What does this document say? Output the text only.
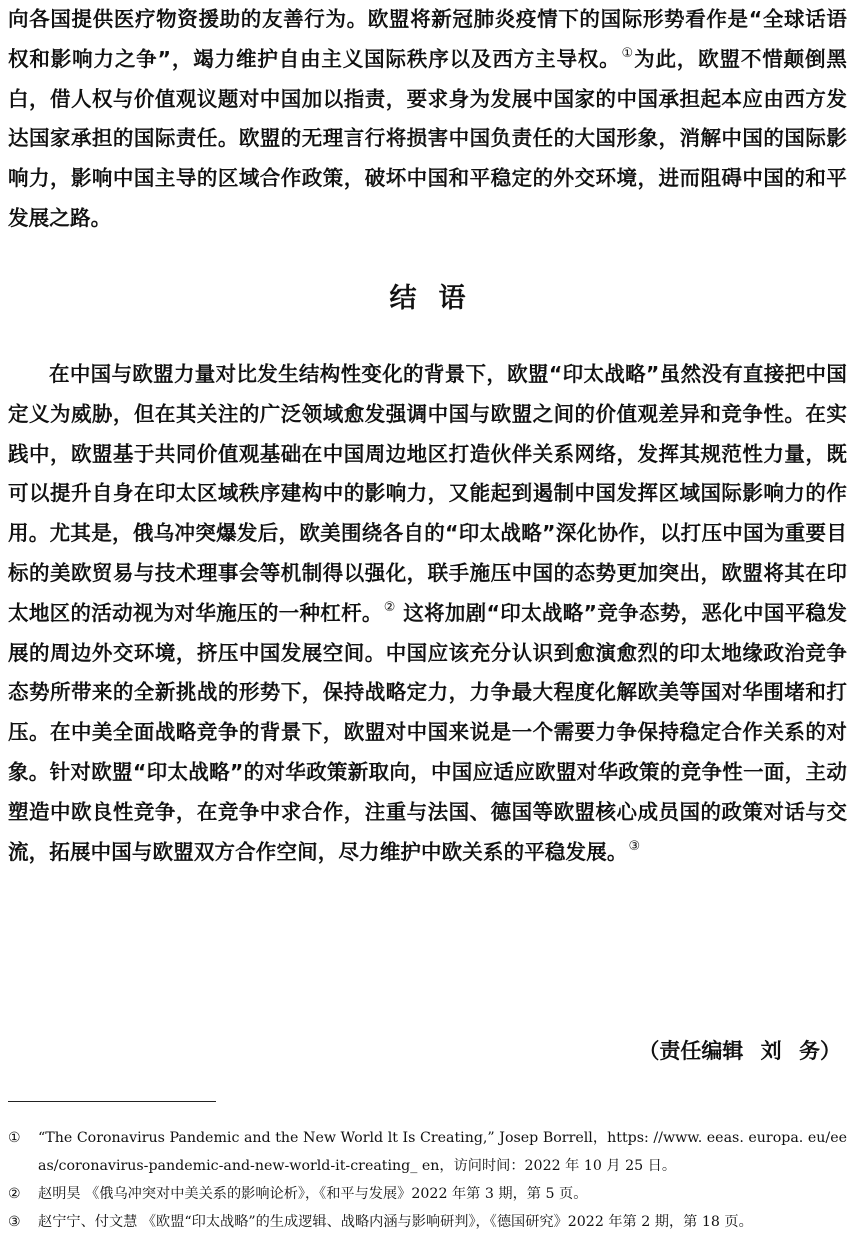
向各国提供医疗物资援助的友善行为。欧盟将新冠肺炎疫情下的国际形势看作是“全球话语权和影响力之争”，竭力维护自由主义国际秩序以及西方主导权。①为此，欧盟不惜颠倒黑白，借人权与价值观议题对中国加以指责，要求身为发展中国家的中国承担起本应由西方发达国家承担的国际责任。欧盟的无理言行将损害中国负责任的大国形象，消解中国的国际影响力，影响中国主导的区域合作政策，破坏中国和平稳定的外交环境，进而阻碍中国的和平发展之路。
结语
在中国与欧盟力量对比发生结构性变化的背景下，欧盟“印太战略”虽然没有直接把中国定义为威胁，但在其关注的广泛领域愈发强调中国与欧盟之间的价值观差异和竞争性。在实践中，欧盟基于共同价值观基础在中国周边地区打造伙伴关系网络，发挥其规范性力量，既可以提升自身在印太区域秩序建构中的影响力，又能起到遏制中国发挥区域国际影响力的作用。尤其是，俄乌冲突爆发后，欧美围绕各自的“印太战略”深化协作，以打压中国为重要目标的美欧贸易与技术理事会等机制得以强化，联手施压中国的态势更加突出，欧盟将其在印太地区的活动视为对华施压的一种杠杆。② 这将加剧“印太战略”竞争态势，恶化中国平稳发展的周边外交环境，挤压中国发展空间。中国应该充分认识到愈演愈烈的印太地缘政治竞争态势所带来的全新挑战的形势下，保持战略定力，力争最大程度化解欧美等国对华围堵和打压。在中美全面战略竞争的背景下，欧盟对中国来说是一个需要力争保持稳定合作关系的对象。针对欧盟“印太战略”的对华政策新取向，中国应适应欧盟对华政策的竞争性一面，主动塑造中欧良性竞争，在竞争中求合作，注重与法国、德国等欧盟核心成员国的政策对话与交流，拓展中国与欧盟双方合作空间，尽力维护中欧关系的平稳发展。③
（责任编辑 刘 务）
① “The Coronavirus Pandemic and the New World lt Is Creating,” Josep Borrell，https: //www. eeas. europa. eu/eeas/coronavirus-pandemic-and-new-world-it-creating_ en，访问时间：2022 年 10 月 25 日。
② 赵明昊 《俄乌冲突对中美关系的影响论析》，《和平与发展》2022 年第 3 期，第 5 页。
③ 赵宁宁、付文慧 《欧盟“印太战略”的生成逻辑、战略内涵与影响研判》，《德国研究》2022 年第 2 期，第 18 页。
